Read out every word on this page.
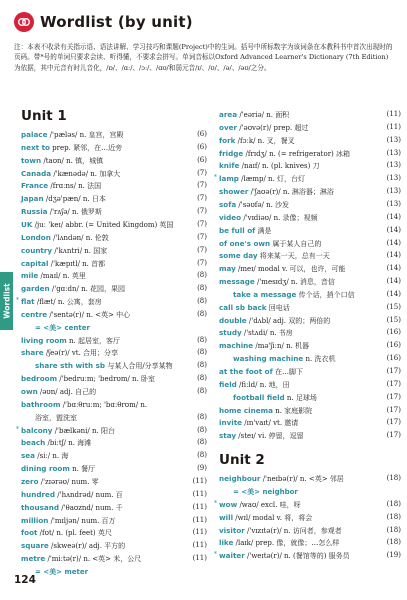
Wordlist (by unit)
注：本表不收录有关指示语、语法讲解、学习技巧和课题(Project)中的生词。括号中所标数字为该词条在本教科书中首次出现时的页码。带*号的单词只要求会读、听得懂，不要求会拼写。单词音标以Oxford Advanced Learner's Dictionary (7th Edition)为依据，其中元音有时儿音化，/ɒ/、/ɑː/、/ɔː/、/ɑʊ/和弱元音/ɪ/、/ʊ/、/ə/、/əʊ/之分。
Wordlist
Unit 1
palace /'pæləs/ n. 皇宫，宫殿	(6)
next to prep. 紧邻，在…近旁	(6)
town /taʊn/ n. 镇，城镇	(6)
Canada /'kænədə/ n. 加拿大	(7)
France /frɑːns/ n. 法国	(7)
Japan /dʒə'pæn/ n. 日本	(7)
Russia /'rʌʃə/ n. 俄罗斯	(7)
UK /juː 'keɪ/ abbr. (= United Kingdom) 英国	(7)
London /'lʌndən/ n. 伦敦	(7)
country /'kʌntri/ n. 国家	(7)
capital /'kæpɪtl/ n. 首都	(7)
mile /maɪl/ n. 英里	(8)
garden /'gɑːdn/ n. 花园，果园	(8)
* flat /flæt/ n. 公寓，套房	(8)
centre /'sentə(r)/ n. <英> 中心	(8)
= <美> center
living room n. 起居室，客厅	(8)
share /ʃeə(r)/ vt. 合用；分享	(8)
share sth with sb 与某人合用/分享某物	(8)
bedroom /'bedruːm; 'bedrʊm/ n. 卧室	(8)
own /əʊn/ adj. 自己的	(8)
bathroom /'bɑːθruːm; 'bɑːθrʊm/ n.
浴室，盥洗室	(8)
* balcony /'bælkəni/ n. 阳台	(8)
beach /biːtʃ/ n. 海滩	(8)
sea /siː/ n. 海	(8)
dining room n. 餐厅	(9)
zero /'zɪərəʊ/ num. 零	(11)
hundred /'hʌndrəd/ num. 百	(11)
thousand /'θaʊznd/ num. 千	(11)
million /'mɪljən/ num. 百万	(11)
foot /fʊt/ n. (pl. feet) 英尺	(11)
square /skweə(r)/ adj. 平方的	(11)
metre /'miːtə(r)/ n. <英> 米，公尺	(11)
= <美> meter
Unit 2
area /'eəriə/ n. 面积	(11)
over /'əʊvə(r)/ prep. 超过	(11)
fork /fɔːk/ n. 叉，餐叉	(13)
fridge /frɪdʒ/ n. (= refrigerator) 冰箱	(13)
knife /naɪf/ n. (pl. knives) 刀	(13)
* lamp /læmp/ n. 灯，台灯	(13)
shower /'ʃaʊə(r)/ n. 淋浴器；淋浴	(13)
sofa /'səʊfə/ n. 沙发	(13)
video /'vɪdiəʊ/ n. 录像；视频	(14)
be full of 满是	(14)
of one's own 属于某人自己的	(14)
some day 将来某一天，总有一天	(14)
may /meɪ/ modal v. 可以，也许，可能	(14)
message /'mesɪdʒ/ n. 消息，音信	(14)
take a message 传个话，捎个口信	(14)
call sb back 回电话	(15)
double /'dʌbl/ adj. 双的；两倍的	(15)
study /'stʌdi/ n. 书房	(16)
machine /mə'ʃiːn/ n. 机器	(16)
washing machine n. 洗衣机	(16)
at the foot of 在…脚下	(17)
field /fiːld/ n. 地，田	(17)
football field n. 足球场	(17)
home cinema n. 家庭影院	(17)
invite /ɪn'vaɪt/ vt. 邀请	(17)
stay /steɪ/ vi. 停留，逗留	(17)
neighbour /'neɪbə(r)/ n. <英> 邻居	(18)
= <美> neighbor
* wow /waʊ/ excl. 哇，呀	(18)
will /wɪl/ modal v. 将，将会	(18)
visitor /'vɪzɪtə(r)/ n. 访问者，参观者	(18)
like /laɪk/ prep. 像，就像；…怎么样	(18)
* waiter /'weɪtə(r)/ n. (餐馆等的) 服务员	(19)
124
